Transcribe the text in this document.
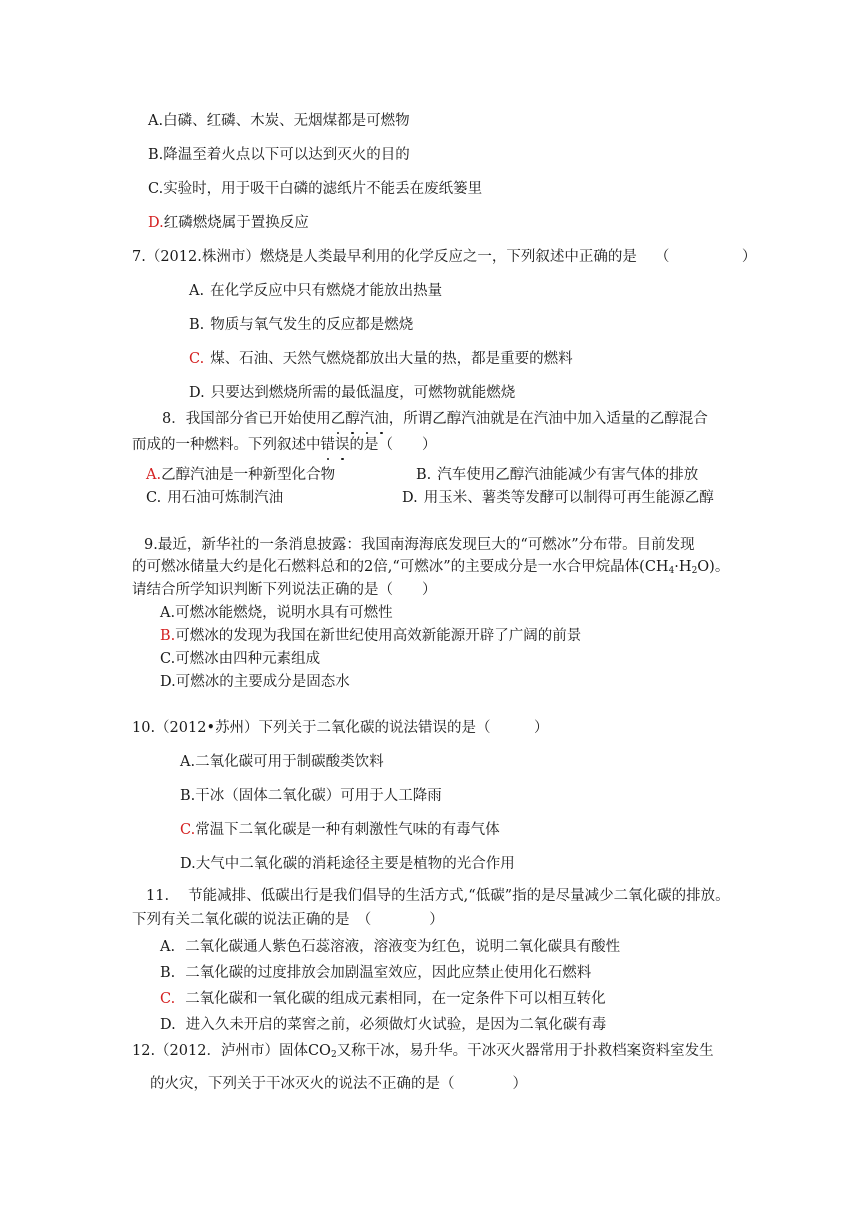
A.白磷、红磷、木炭、无烟煤都是可燃物
B.降温至着火点以下可以达到灭火的目的
C.实验时，用于吸干白磷的滤纸片不能丢在废纸篓里
D.红磷燃烧属于置换反应
7.（2012.株洲市）燃烧是人类最早利用的化学反应之一，下列叙述中正确的是 （　　　　　）
A. 在化学反应中只有燃烧才能放出热量
B. 物质与氧气发生的反应都是燃烧
C. 煤、石油、天然气燃烧都放出大量的热，都是重要的燃料
D. 只要达到燃烧所需的最低温度，可燃物就能燃烧
8．我国部分省已开始使用乙醇汽油，所谓乙醇汽油就是在汽油中加入适量的乙醇混合
而成的一种燃料。下列叙述中错误的是（　　）
A.乙醇汽油是一种新型化合物	B. 汽车使用乙醇汽油能减少有害气体的排放
C. 用石油可炼制汽油	D. 用玉米、薯类等发酵可以制得可再生能源乙醇
9.最近，新华社的一条消息披露：我国南海海底发现巨大的“可燃冰”分布带。目前发现
的可燃冰储量大约是化石燃料总和的2倍,“可燃冰”的主要成分是一水合甲烷晶体$(CH_4\cdot H_2O)$。
请结合所学知识判断下列说法正确的是（　　）
A.可燃冰能燃烧，说明水具有可燃性
B.可燃冰的发现为我国在新世纪使用高效新能源开辟了广阔的前景
C.可燃冰由四种元素组成
D.可燃冰的主要成分是固态水
10.（2012•苏州）下列关于二氧化碳的说法错误的是（　　　）
A.二氧化碳可用于制碳酸类饮料
B.干冰（固体二氧化碳）可用于人工降雨
C.常温下二氧化碳是一种有刺激性气味的有毒气体
D.大气中二氧化碳的消耗途径主要是植物的光合作用
11.　 节能减排、低碳出行是我们倡导的生活方式,“低碳”指的是尽量减少二氧化碳的排放。
下列有关二氧化碳的说法正确的是　（　　　　）
A. 二氧化碳通人紫色石蕊溶液，溶液变为红色，说明二氧化碳具有酸性
B. 二氧化碳的过度排放会加剧温室效应，因此应禁止使用化石燃料
C. 二氧化碳和一氧化碳的组成元素相同，在一定条件下可以相互转化
D. 进入久未开启的菜窖之前，必须做灯火试验，是因为二氧化碳有毒
12.（2012．泸州市）固体$CO_2$又称干冰，易升华。干冰灭火器常用于扑救档案资料室发生
的火灾，下列关于干冰灭火的说法不正确的是（　　　　）
